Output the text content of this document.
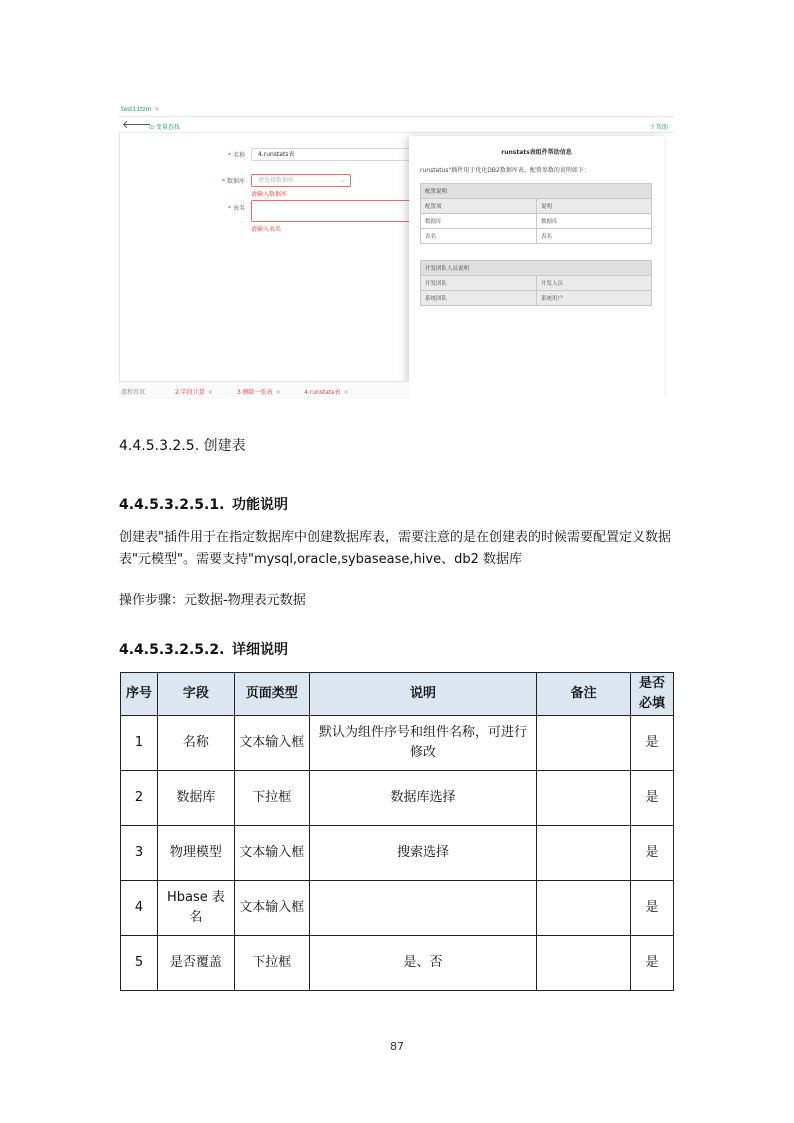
test11tzm ×
🡐
⊙ 变量查找	? 帮助
* 名称	4.runstats表
* 数据库	请选择数据库	⌵
请输入数据库
* 表名
请输入表名
runstats表组件帮助信息
runstatus"插件用于优化DB2数据库表。配置参数的说明如下：
配置说明	
配置项	说明
数据库	数据库
表名	表名
开发团队人员说明	
开发团队	开发人员
系统团队	系统用户
流程首页	2.字段计算 ×	3.删除一张表 ×	4.runstats表 ×
4.4.5.3.2.5. 创建表
4.4.5.3.2.5.1. 功能说明
创建表"插件用于在指定数据库中创建数据库表，需要注意的是在创建表的时候需要配置定义数据表"元模型"。需要支持"mysql,oracle,sybasease,hive、db2 数据库
操作步骤：元数据-物理表元数据
4.4.5.3.2.5.2. 详细说明
序号	字段	页面类型	说明	备注	是否必填
1	名称	文本输入框	默认为组件序号和组件名称，可进行修改		是
2	数据库	下拉框	数据库选择		是
3	物理模型	文本输入框	搜索选择		是
4	Hbase 表名	文本输入框			是
5	是否覆盖	下拉框	是、否		是
87
